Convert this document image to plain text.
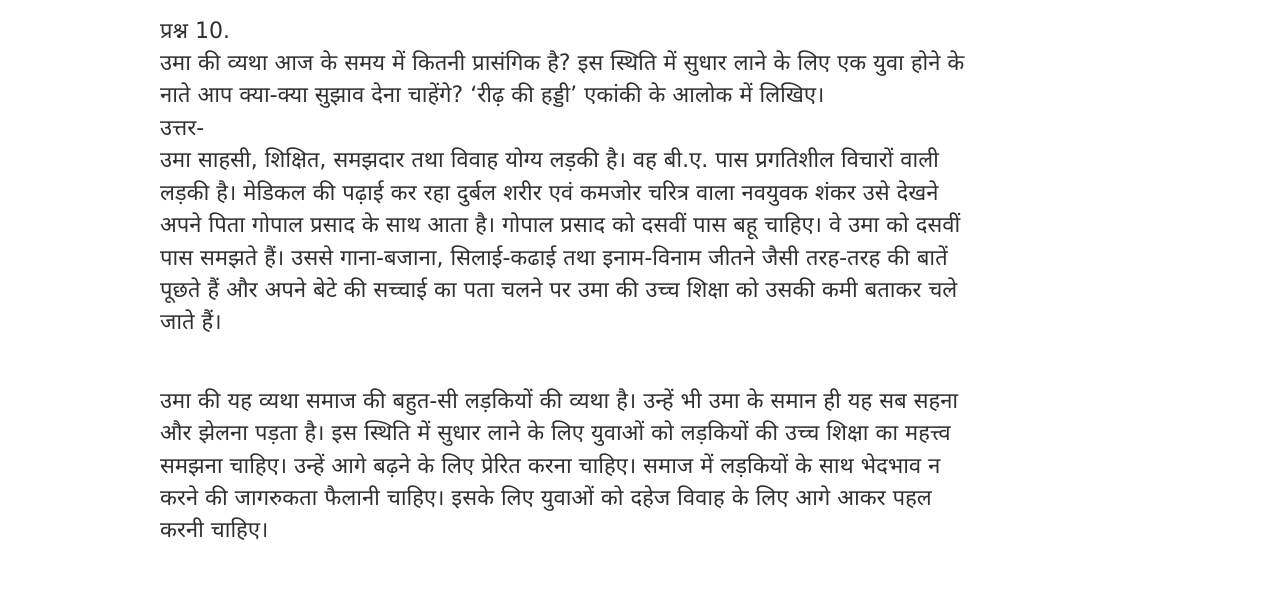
प्रश्न 10.
उमा की व्यथा आज के समय में कितनी प्रासंगिक है? इस स्थिति में सुधार लाने के लिए एक युवा होने के
नाते आप क्या-क्या सुझाव देना चाहेंगे? ‘रीढ़ की हड्डी’ एकांकी के आलोक में लिखिए।
उत्तर-
उमा साहसी, शिक्षित, समझदार तथा विवाह योग्य लड़की है। वह बी.ए. पास प्रगतिशील विचारों वाली
लड़की है। मेडिकल की पढ़ाई कर रहा दुर्बल शरीर एवं कमजोर चरित्र वाला नवयुवक शंकर उसे देखने
अपने पिता गोपाल प्रसाद के साथ आता है। गोपाल प्रसाद को दसवीं पास बहू चाहिए। वे उमा को दसवीं
पास समझते हैं। उससे गाना-बजाना, सिलाई-कढाई तथा इनाम-विनाम जीतने जैसी तरह-तरह की बातें
पूछते हैं और अपने बेटे की सच्चाई का पता चलने पर उमा की उच्च शिक्षा को उसकी कमी बताकर चले
जाते हैं।
उमा की यह व्यथा समाज की बहुत-सी लड़कियों की व्यथा है। उन्हें भी उमा के समान ही यह सब सहना
और झेलना पड़ता है। इस स्थिति में सुधार लाने के लिए युवाओं को लड़कियों की उच्च शिक्षा का महत्त्व
समझना चाहिए। उन्हें आगे बढ़ने के लिए प्रेरित करना चाहिए। समाज में लड़कियों के साथ भेदभाव न
करने की जागरुकता फैलानी चाहिए। इसके लिए युवाओं को दहेज विवाह के लिए आगे आकर पहल
करनी चाहिए।
